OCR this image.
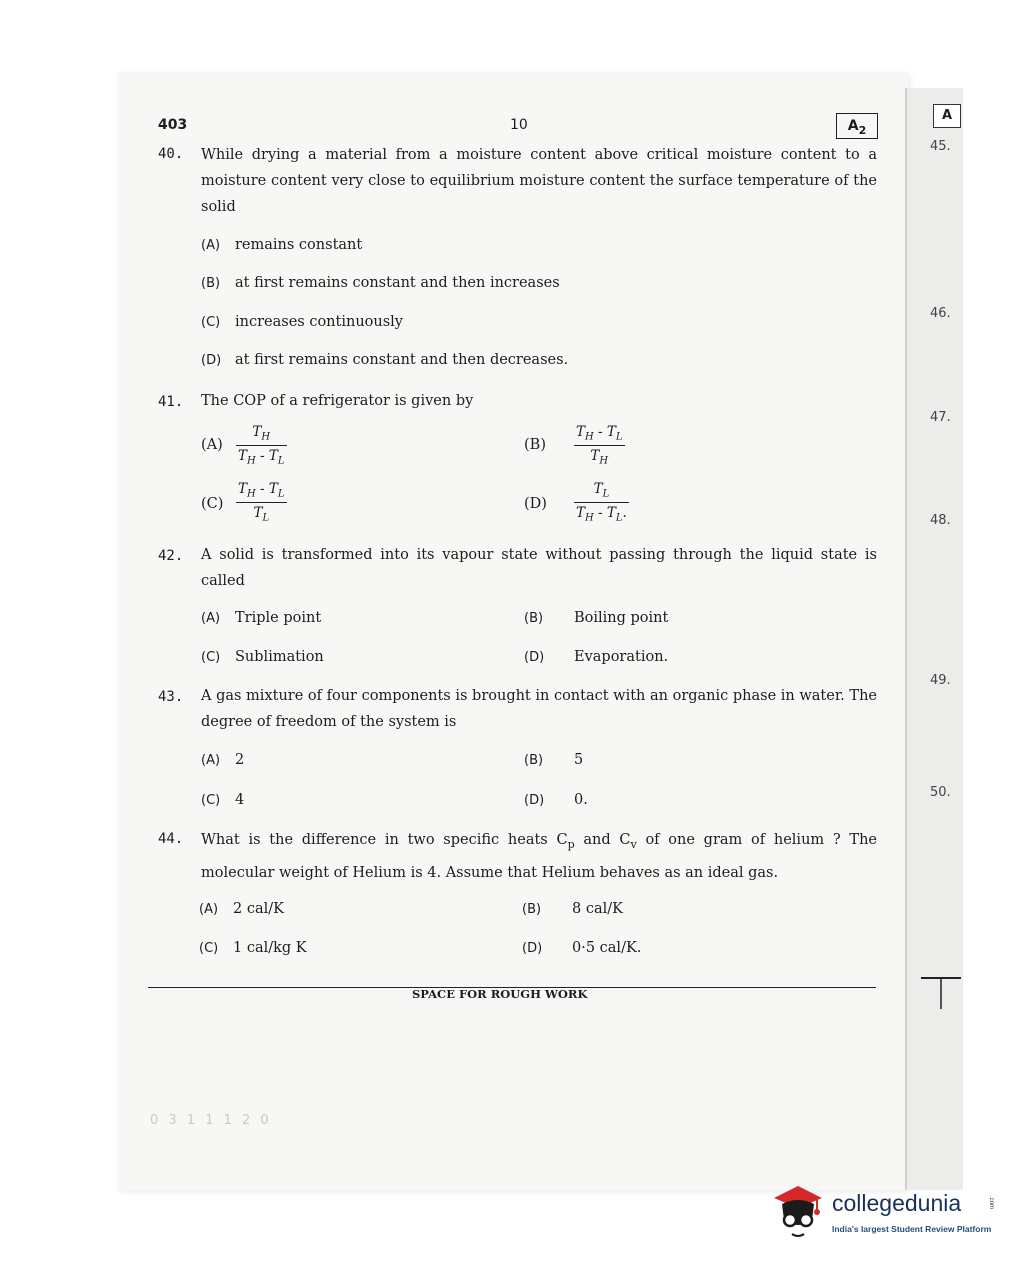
A
45.
46.
47.
48.
49.
50.
403	10	$A_2$
40. While drying a material from a moisture content above critical moisture content to a moisture content very close to equilibrium moisture content the surface temperature of the solid
(A) remains constant
(B) at first remains constant and then increases
(C) increases continuously
(D) at first remains constant and then decreases.
41. The COP of a refrigerator is given by
(A)
$T_H$
$T_H - T_L$
(B)
$T_H - T_L$
$T_H$
(C)
$T_H - T_L$
$T_L$
(D)
$T_L$
$T_H - T_L$.
42. A solid is transformed into its vapour state without passing through the liquid state is called
(A) Triple point	(B) Boiling point
(C) Sublimation	(D) Evaporation.
43. A gas mixture of four components is brought in contact with an organic phase in water. The degree of freedom of the system is
(A) 2	(B) 5
(C) 4	(D) 0.
44. What is the difference in two specific heats $C_p$ and $C_v$ of one gram of helium ? The molecular weight of Helium is 4. Assume that Helium behaves as an ideal gas.
(A) 2 cal/K	(B) 8 cal/K
(C) 1 cal/kg K	(D) 0·5 cal/K.
SPACE FOR ROUGH WORK
0 3 1 1 1 2 0
collegedunia	.com
India's largest Student Review Platform
